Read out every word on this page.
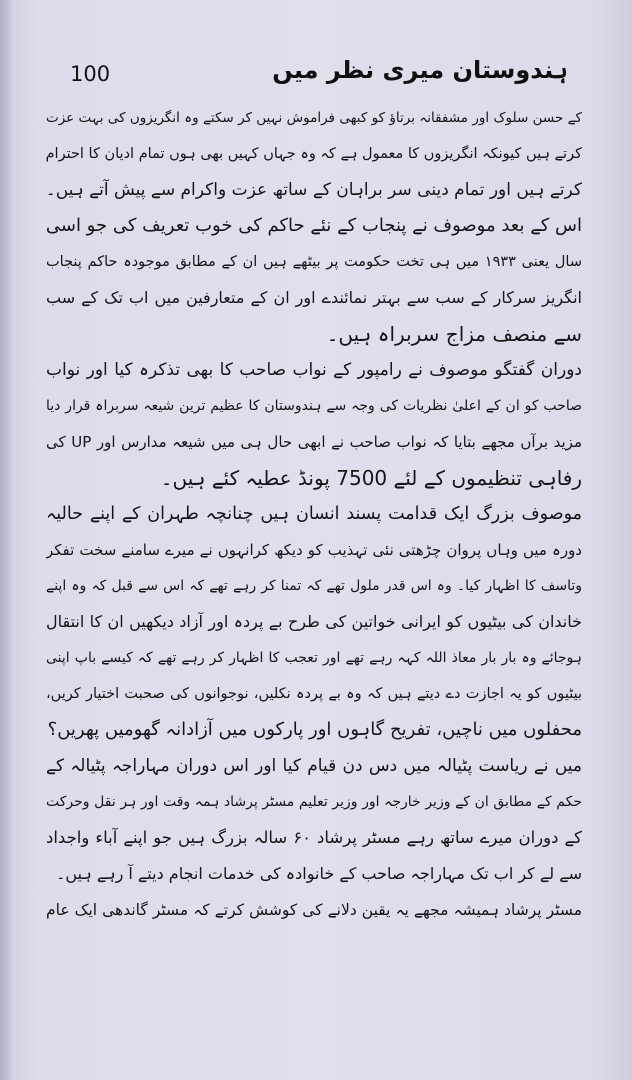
100	ہندوستان میری نظر میں
کے حسن سلوک اور مشفقانہ برتاؤ کو کبھی فراموش نہیں کر سکتے وہ انگریزوں کی بہت عزت
کرتے ہیں کیونکہ انگریزوں کا معمول ہے کہ وہ جہاں کہیں بھی ہوں تمام ادیان کا احترام
کرتے ہیں اور تمام دینی سر براہان کے ساتھ عزت واکرام سے پیش آتے ہیں۔
اس کے بعد موصوف نے پنجاب کے نئے حاکم کی خوب تعریف کی جو اسی
سال یعنی ۱۹۳۳ میں ہی تخت حکومت پر بیٹھے ہیں ان کے مطابق موجودہ حاکم پنجاب
انگریز سرکار کے سب سے بہتر نمائندے اور ان کے متعارفین میں اب تک کے سب
سے منصف مزاج سربراہ ہیں۔
دوران گفتگو موصوف نے رامپور کے نواب صاحب کا بھی تذکرہ کیا اور نواب
صاحب کو ان کے اعلیٰ نظریات کی وجہ سے ہندوستان کا عظیم ترین شیعہ سربراہ قرار دیا
مزید برآں مجھے بتایا کہ نواب صاحب نے ابھی حال ہی میں شیعہ مدارس اور UP کی
رفاہی تنظیموں کے لئے 7500 پونڈ عطیہ کئے ہیں۔
موصوف بزرگ ایک قدامت پسند انسان ہیں چنانچہ طہران کے اپنے حالیہ
دورہ میں وہاں پروان چڑھتی نئی تہذیب کو دیکھ کرانہوں نے میرے سامنے سخت تفکر
وتاسف کا اظہار کیا۔ وہ اس قدر ملول تھے کہ تمنا کر رہے تھے کہ اس سے قبل کہ وہ اپنے
خاندان کی بیٹیوں کو ایرانی خواتین کی طرح بے پردہ اور آزاد دیکھیں ان کا انتقال
ہوجائے وہ بار بار معاذ اللہ کہہ رہے تھے اور تعجب کا اظہار کر رہے تھے کہ کیسے باپ اپنی
بیٹیوں کو یہ اجازت دے دیتے ہیں کہ وہ بے پردہ نکلیں، نوجوانوں کی صحبت اختیار کریں،
محفلوں میں ناچیں، تفریح گاہوں اور پارکوں میں آزادانہ گھومیں پھریں؟
میں نے ریاست پٹیالہ میں دس دن قیام کیا اور اس دوران مہاراجہ پٹیالہ کے
حکم کے مطابق ان کے وزیر خارجہ اور وزیر تعلیم مسٹر پرشاد ہمہ وقت اور ہر نقل وحرکت
کے دوران میرے ساتھ رہے مسٹر پرشاد ۶۰ سالہ بزرگ ہیں جو اپنے آباء واجداد
سے لے کر اب تک مہاراجہ صاحب کے خانوادہ کی خدمات انجام دیتے آ رہے ہیں۔
مسٹر پرشاد ہمیشہ مجھے یہ یقین دلانے کی کوشش کرتے کہ مسٹر گاندھی ایک عام
